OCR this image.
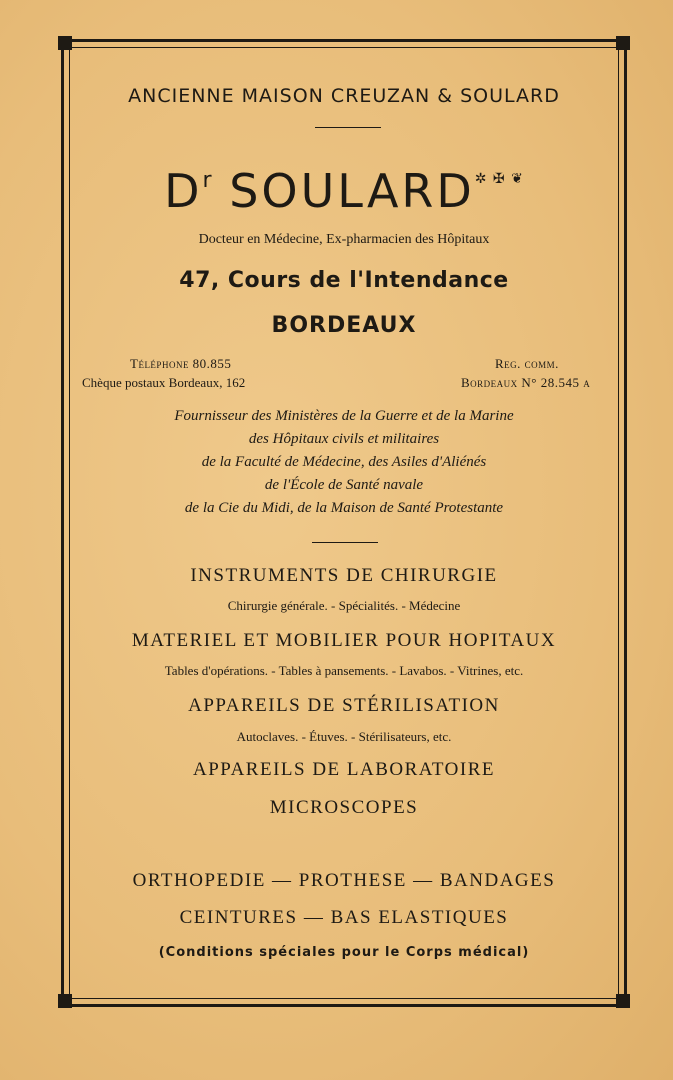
ANCIENNE MAISON CREUZAN & SOULARD
$D^r$ SOULARD✲ ✠ ❦
Docteur en Médecine, Ex-pharmacien des Hôpitaux
47, Cours de l'Intendance
BORDEAUX
Téléphone 80.855
Chèque postaux Bordeaux, 162
Reg. comm.
Bordeaux N° 28.545 a
Fournisseur des Ministères de la Guerre et de la Marine
des Hôpitaux civils et militaires
de la Faculté de Médecine, des Asiles d'Aliénés
de l'École de Santé navale
de la Cie du Midi, de la Maison de Santé Protestante
INSTRUMENTS DE CHIRURGIE
Chirurgie générale. - Spécialités. - Médecine
MATERIEL ET MOBILIER POUR HOPITAUX
Tables d'opérations. - Tables à pansements. - Lavabos. - Vitrines, etc.
APPAREILS DE STÉRILISATION
Autoclaves. - Étuves. - Stérilisateurs, etc.
APPAREILS DE LABORATOIRE
MICROSCOPES
ORTHOPEDIE — PROTHESE — BANDAGES
CEINTURES — BAS ELASTIQUES
(Conditions spéciales pour le Corps médical)
